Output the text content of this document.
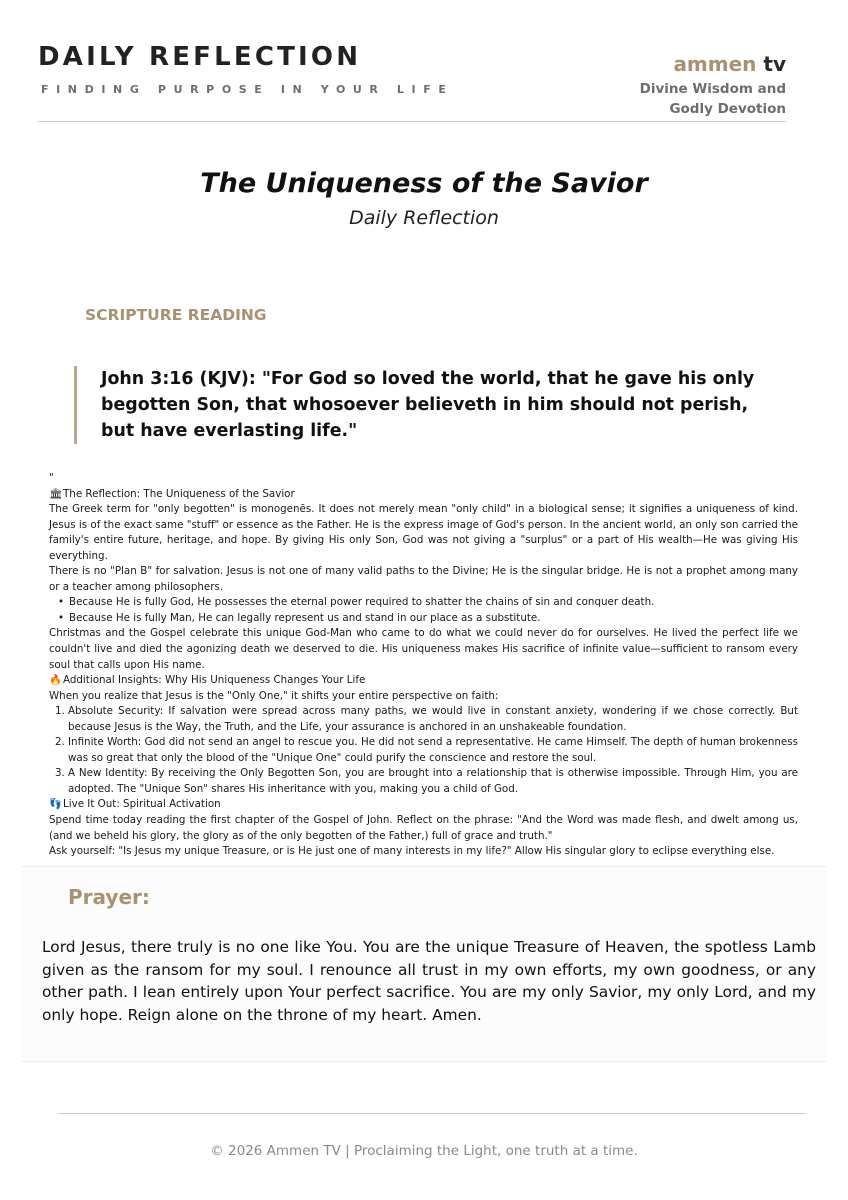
DAILY REFLECTION
FINDING PURPOSE IN YOUR LIFE
ammen tv
Divine Wisdom and
Godly Devotion
The Uniqueness of the Savior
Daily Reflection
SCRIPTURE READING
John 3:16 (KJV): "For God so loved the world, that he gave his only begotten Son, that whosoever believeth in him should not perish, but have everlasting life."

"

🏛The Reflection: The Uniqueness of the Savior

The Greek term for "only begotten" is monogenēs. It does not merely mean "only child" in a biological sense; it signifies a uniqueness of kind. Jesus is of the exact same "stuff" or essence as the Father. He is the express image of God's person. In the ancient world, an only son carried the family's entire future, heritage, and hope. By giving His only Son, God was not giving a "surplus" or a part of His wealth—He was giving His everything.

There is no "Plan B" for salvation. Jesus is not one of many valid paths to the Divine; He is the singular bridge. He is not a prophet among many or a teacher among philosophers.

• Because He is fully God, He possesses the eternal power required to shatter the chains of sin and conquer death.
• Because He is fully Man, He can legally represent us and stand in our place as a substitute.

Christmas and the Gospel celebrate this unique God-Man who came to do what we could never do for ourselves. He lived the perfect life we couldn't live and died the agonizing death we deserved to die. His uniqueness makes His sacrifice of infinite value—sufficient to ransom every soul that calls upon His name.

🔥Additional Insights: Why His Uniqueness Changes Your Life

When you realize that Jesus is the "Only One," it shifts your entire perspective on faith:

1. Absolute Security: If salvation were spread across many paths, we would live in constant anxiety, wondering if we chose correctly. But because Jesus is the Way, the Truth, and the Life, your assurance is anchored in an unshakeable foundation.
2. Infinite Worth: God did not send an angel to rescue you. He did not send a representative. He came Himself. The depth of human brokenness was so great that only the blood of the "Unique One" could purify the conscience and restore the soul.
3. A New Identity: By receiving the Only Begotten Son, you are brought into a relationship that is otherwise impossible. Through Him, you are adopted. The "Unique Son" shares His inheritance with you, making you a child of God.

👣Live It Out: Spiritual Activation

Spend time today reading the first chapter of the Gospel of John. Reflect on the phrase: "And the Word was made flesh, and dwelt among us, (and we beheld his glory, the glory as of the only begotten of the Father,) full of grace and truth."

Ask yourself: "Is Jesus my unique Treasure, or is He just one of many interests in my life?" Allow His singular glory to eclipse everything else.

Prayer:
Lord Jesus, there truly is no one like You. You are the unique Treasure of Heaven, the spotless Lamb given as the ransom for my soul. I renounce all trust in my own efforts, my own goodness, or any other path. I lean entirely upon Your perfect sacrifice. You are my only Savior, my only Lord, and my only hope. Reign alone on the throne of my heart. Amen.
© 2026 Ammen TV | Proclaiming the Light, one truth at a time.
